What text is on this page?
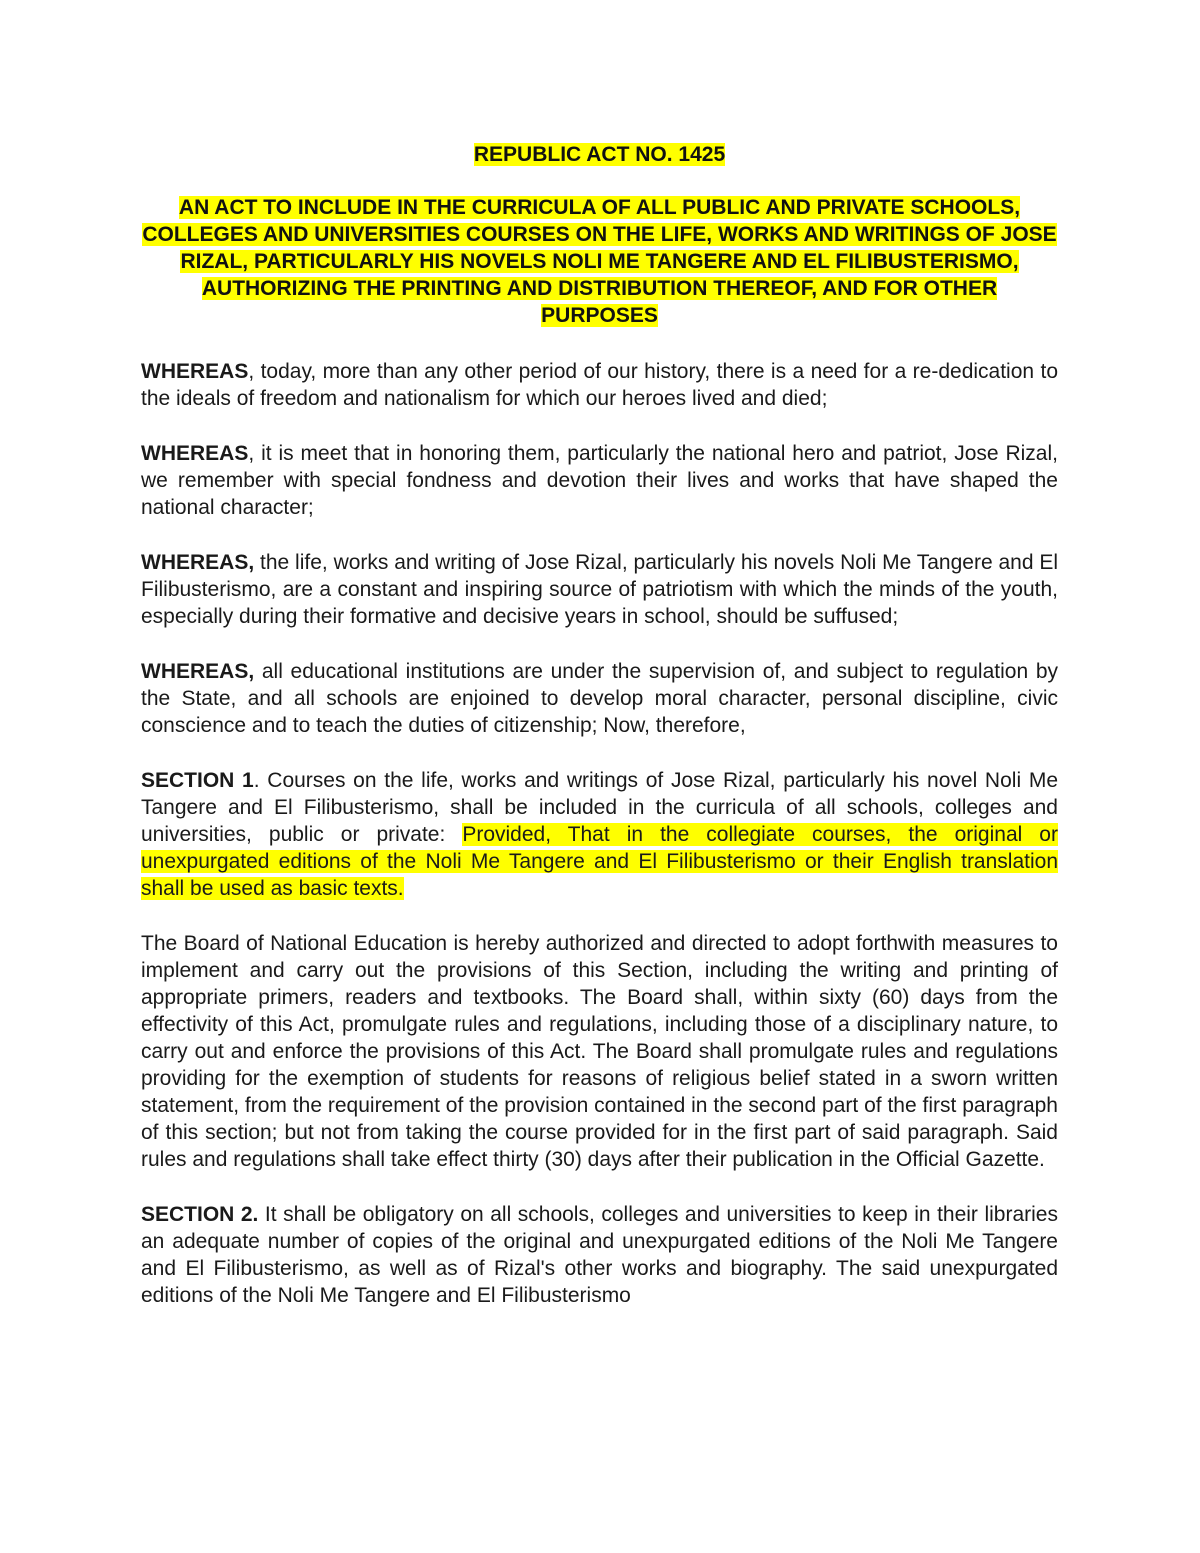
REPUBLIC ACT NO. 1425
AN ACT TO INCLUDE IN THE CURRICULA OF ALL PUBLIC AND PRIVATE SCHOOLS, COLLEGES AND UNIVERSITIES COURSES ON THE LIFE, WORKS AND WRITINGS OF JOSE RIZAL, PARTICULARLY HIS NOVELS NOLI ME TANGERE AND EL FILIBUSTERISMO, AUTHORIZING THE PRINTING AND DISTRIBUTION THEREOF, AND FOR OTHER PURPOSES

WHEREAS, today, more than any other period of our history, there is a need for a re-dedication to the ideals of freedom and nationalism for which our heroes lived and died;

WHEREAS, it is meet that in honoring them, particularly the national hero and patriot, Jose Rizal, we remember with special fondness and devotion their lives and works that have shaped the national character;

WHEREAS, the life, works and writing of Jose Rizal, particularly his novels Noli Me Tangere and El Filibusterismo, are a constant and inspiring source of patriotism with which the minds of the youth, especially during their formative and decisive years in school, should be suffused;

WHEREAS, all educational institutions are under the supervision of, and subject to regulation by the State, and all schools are enjoined to develop moral character, personal discipline, civic conscience and to teach the duties of citizenship; Now, therefore,

SECTION 1. Courses on the life, works and writings of Jose Rizal, particularly his novel Noli Me Tangere and El Filibusterismo, shall be included in the curricula of all schools, colleges and universities, public or private: Provided, That in the collegiate courses, the original or unexpurgated editions of the Noli Me Tangere and El Filibusterismo or their English translation shall be used as basic texts.

The Board of National Education is hereby authorized and directed to adopt forthwith measures to implement and carry out the provisions of this Section, including the writing and printing of appropriate primers, readers and textbooks. The Board shall, within sixty (60) days from the effectivity of this Act, promulgate rules and regulations, including those of a disciplinary nature, to carry out and enforce the provisions of this Act. The Board shall promulgate rules and regulations providing for the exemption of students for reasons of religious belief stated in a sworn written statement, from the requirement of the provision contained in the second part of the first paragraph of this section; but not from taking the course provided for in the first part of said paragraph. Said rules and regulations shall take effect thirty (30) days after their publication in the Official Gazette.

SECTION 2. It shall be obligatory on all schools, colleges and universities to keep in their libraries an adequate number of copies of the original and unexpurgated editions of the Noli Me Tangere and El Filibusterismo, as well as of Rizal's other works and biography. The said unexpurgated editions of the Noli Me Tangere and El Filibusterismo
